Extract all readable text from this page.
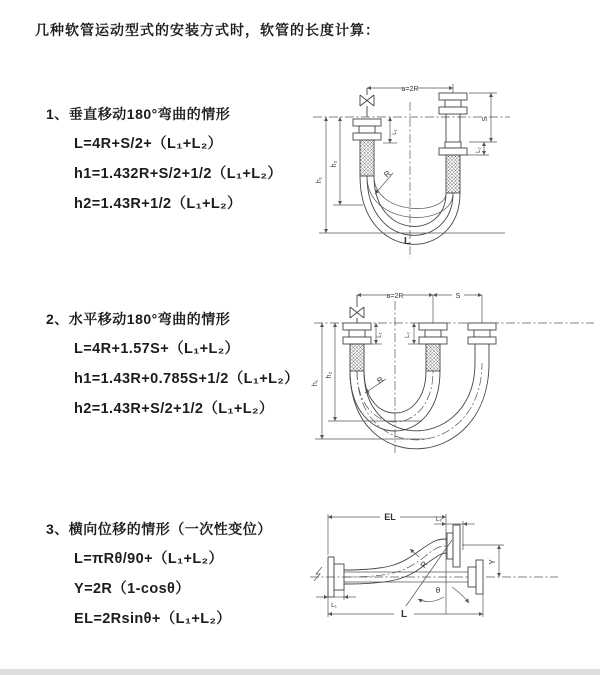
几种软管运动型式的安装方式时，软管的长度计算：
1、垂直移动180°弯曲的情形
L=4R+S/2+（L₁+L₂）
h1=1.432R+S/2+1/2（L₁+L₂）
h2=1.43R+1/2（L₁+L₂）
2、水平移动180°弯曲的情形
L=4R+1.57S+（L₁+L₂）
h1=1.43R+0.785S+1/2（L₁+L₂）
h2=1.43R+S/2+1/2（L₁+L₂）
3、横向位移的情形（一次性变位）
L=πRθ/90+（L₁+L₂）
Y=2R（1-cosθ）
EL=2Rsinθ+（L₁+L₂）
a=2R
h₁
h₂
L₁
S
L₂
R
L
a=2R	S
h₁
h₂
L₁	L₂
R
EL	L₂
Y
R
θ
L₁
L
